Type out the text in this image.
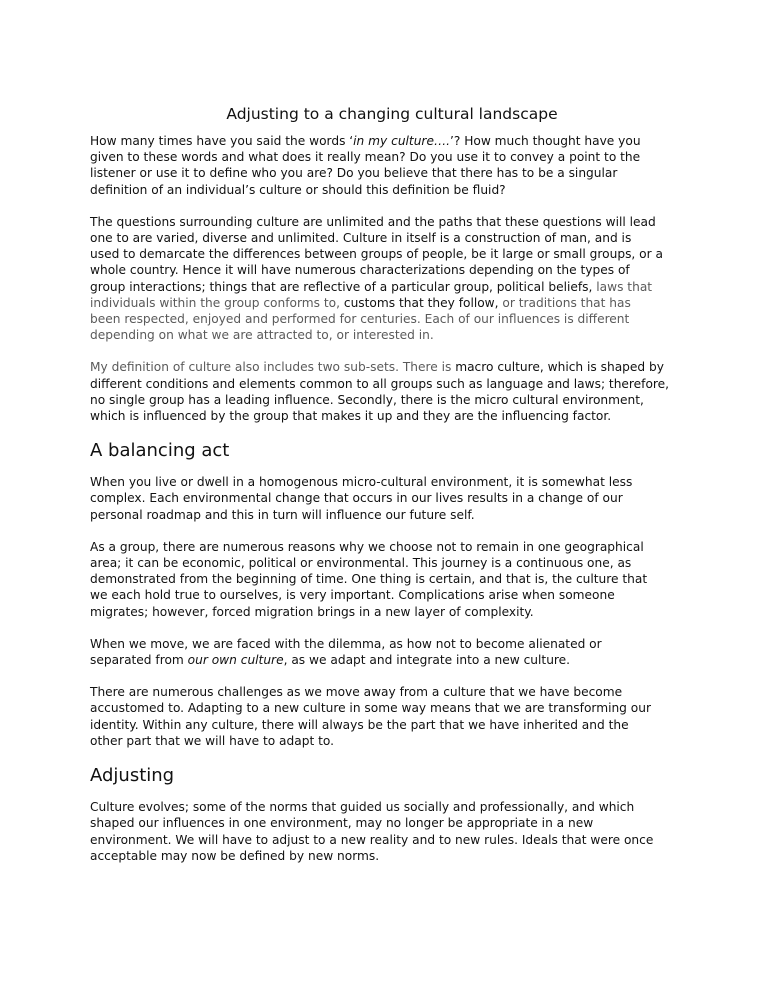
Adjusting to a changing cultural landscape

How many times have you said the words ‘in my culture….’? How much thought have you
given to these words and what does it really mean? Do you use it to convey a point to the
listener or use it to define who you are? Do you believe that there has to be a singular
definition of an individual’s culture or should this definition be fluid?

The questions surrounding culture are unlimited and the paths that these questions will lead
one to are varied, diverse and unlimited. Culture in itself is a construction of man, and is
used to demarcate the differences between groups of people, be it large or small groups, or a
whole country. Hence it will have numerous characterizations depending on the types of
group interactions; things that are reflective of a particular group, political beliefs, laws that
individuals within the group conforms to, customs that they follow, or traditions that has
been respected, enjoyed and performed for centuries. Each of our influences is different
depending on what we are attracted to, or interested in.

My definition of culture also includes two sub-sets. There is macro culture, which is shaped by
different conditions and elements common to all groups such as language and laws; therefore,
no single group has a leading influence. Secondly, there is the micro cultural environment,
which is influenced by the group that makes it up and they are the influencing factor.

A balancing act

When you live or dwell in a homogenous micro-cultural environment, it is somewhat less
complex. Each environmental change that occurs in our lives results in a change of our
personal roadmap and this in turn will influence our future self.

As a group, there are numerous reasons why we choose not to remain in one geographical
area; it can be economic, political or environmental. This journey is a continuous one, as
demonstrated from the beginning of time. One thing is certain, and that is, the culture that
we each hold true to ourselves, is very important. Complications arise when someone
migrates; however, forced migration brings in a new layer of complexity.

When we move, we are faced with the dilemma, as how not to become alienated or
separated from our own culture, as we adapt and integrate into a new culture.

There are numerous challenges as we move away from a culture that we have become
accustomed to. Adapting to a new culture in some way means that we are transforming our
identity. Within any culture, there will always be the part that we have inherited and the
other part that we will have to adapt to.

Adjusting

Culture evolves; some of the norms that guided us socially and professionally, and which
shaped our influences in one environment, may no longer be appropriate in a new
environment. We will have to adjust to a new reality and to new rules. Ideals that were once
acceptable may now be defined by new norms.
